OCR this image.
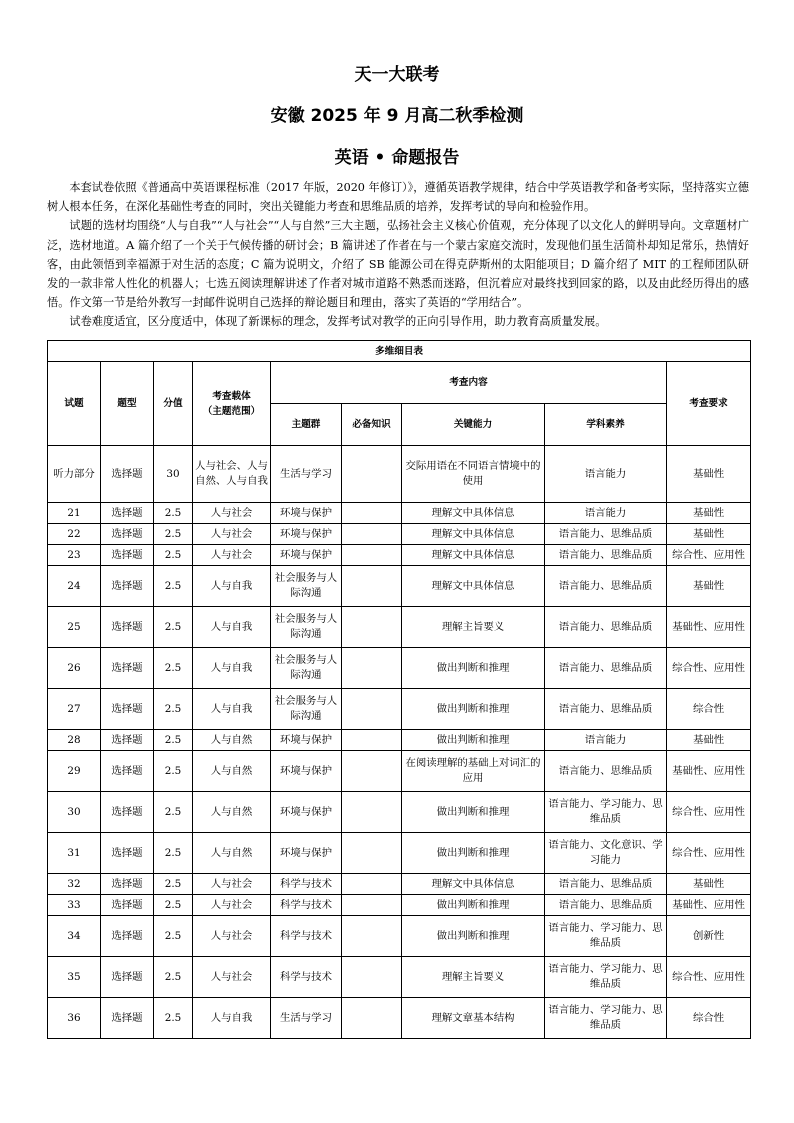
天一大联考
安徽 2025 年 9 月高二秋季检测
英语 • 命题报告

本套试卷依照《普通高中英语课程标准（2017 年版，2020 年修订）》，遵循英语教学规律，结合中学英语教学和备考实际，坚持落实立德树人根本任务，在深化基础性考查的同时，突出关键能力考查和思维品质的培养，发挥考试的导向和检验作用。

试题的选材均围绕“人与自我”“人与社会”“人与自然”三大主题，弘扬社会主义核心价值观，充分体现了以文化人的鲜明导向。文章题材广泛，选材地道。A 篇介绍了一个关于气候传播的研讨会；B 篇讲述了作者在与一个蒙古家庭交流时，发现他们虽生活简朴却知足常乐，热情好客，由此领悟到幸福源于对生活的态度；C 篇为说明文，介绍了 SB 能源公司在得克萨斯州的太阳能项目；D 篇介绍了 MIT 的工程师团队研发的一款非常人性化的机器人；七选五阅读理解讲述了作者对城市道路不熟悉而迷路，但沉着应对最终找到回家的路，以及由此经历得出的感悟。作文第一节是给外教写一封邮件说明自己选择的辩论题目和理由，落实了英语的“学用结合”。

试卷难度适宜，区分度适中，体现了新课标的理念，发挥考试对教学的正向引导作用，助力教育高质量发展。

多维细目表								
试题	题型	分值	考查载体
（主题范围）	考查内容				考查要求
				主题群	必备知识	关键能力	学科素养	
听力部分	选择题	30	人与社会、人与自然、人与自我	生活与学习		交际用语在不同语言情境中的使用	语言能力	基础性
21	选择题	2.5	人与社会	环境与保护		理解文中具体信息	语言能力	基础性
22	选择题	2.5	人与社会	环境与保护		理解文中具体信息	语言能力、思维品质	基础性
23	选择题	2.5	人与社会	环境与保护		理解文中具体信息	语言能力、思维品质	综合性、应用性
24	选择题	2.5	人与自我	社会服务与人际沟通		理解文中具体信息	语言能力、思维品质	基础性
25	选择题	2.5	人与自我	社会服务与人际沟通		理解主旨要义	语言能力、思维品质	基础性、应用性
26	选择题	2.5	人与自我	社会服务与人际沟通		做出判断和推理	语言能力、思维品质	综合性、应用性
27	选择题	2.5	人与自我	社会服务与人际沟通		做出判断和推理	语言能力、思维品质	综合性
28	选择题	2.5	人与自然	环境与保护		做出判断和推理	语言能力	基础性
29	选择题	2.5	人与自然	环境与保护		在阅读理解的基础上对词汇的应用	语言能力、思维品质	基础性、应用性
30	选择题	2.5	人与自然	环境与保护		做出判断和推理	语言能力、学习能力、思维品质	综合性、应用性
31	选择题	2.5	人与自然	环境与保护		做出判断和推理	语言能力、文化意识、学习能力	综合性、应用性
32	选择题	2.5	人与社会	科学与技术		理解文中具体信息	语言能力、思维品质	基础性
33	选择题	2.5	人与社会	科学与技术		做出判断和推理	语言能力、思维品质	基础性、应用性
34	选择题	2.5	人与社会	科学与技术		做出判断和推理	语言能力、学习能力、思维品质	创新性
35	选择题	2.5	人与社会	科学与技术		理解主旨要义	语言能力、学习能力、思维品质	综合性、应用性
36	选择题	2.5	人与自我	生活与学习		理解文章基本结构	语言能力、学习能力、思维品质	综合性
